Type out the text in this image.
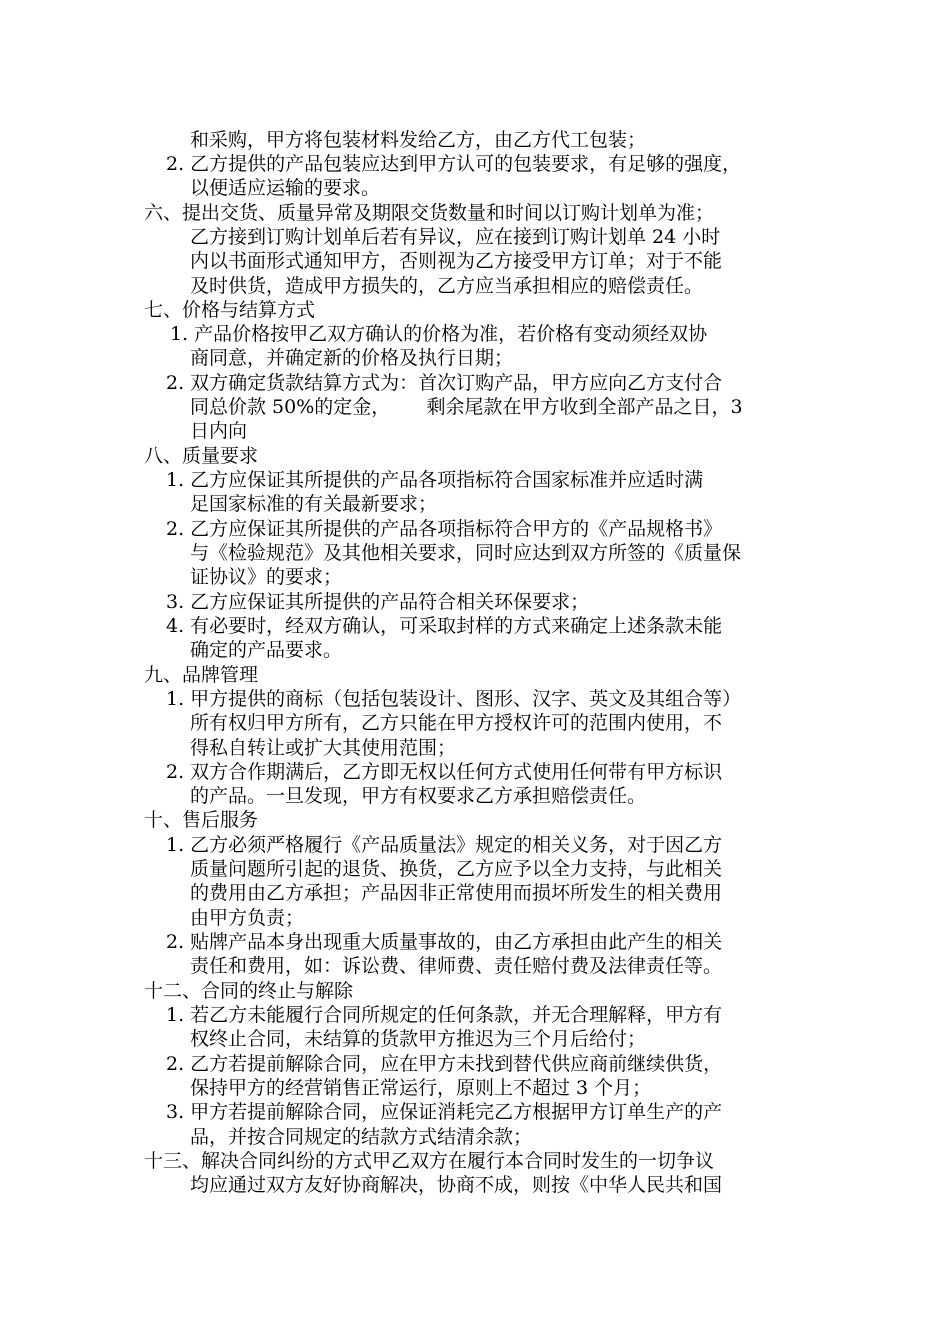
和采购，甲方将包装材料发给乙方，由乙方代工包装；
2. 乙方提供的产品包装应达到甲方认可的包装要求，有足够的强度，
以便适应运输的要求。
六、提出交货、质量异常及期限交货数量和时间以订购计划单为准；
乙方接到订购计划单后若有异议，应在接到订购计划单 24 小时
内以书面形式通知甲方，否则视为乙方接受甲方订单；对于不能
及时供货，造成甲方损失的，乙方应当承担相应的赔偿责任。
七、价格与结算方式
1. 产品价格按甲乙双方确认的价格为准，若价格有变动须经双协
商同意，并确定新的价格及执行日期；
2. 双方确定货款结算方式为：首次订购产品，甲方应向乙方支付合
同总价款 50%的定金，      剩余尾款在甲方收到全部产品之日，3
日内向
八、质量要求
1. 乙方应保证其所提供的产品各项指标符合国家标准并应适时满
足国家标准的有关最新要求；
2. 乙方应保证其所提供的产品各项指标符合甲方的《产品规格书》
与《检验规范》及其他相关要求，同时应达到双方所签的《质量保
证协议》的要求；
3. 乙方应保证其所提供的产品符合相关环保要求；
4. 有必要时，经双方确认，可采取封样的方式来确定上述条款未能
确定的产品要求。
九、品牌管理
1. 甲方提供的商标（包括包装设计、图形、汉字、英文及其组合等）
所有权归甲方所有，乙方只能在甲方授权许可的范围内使用，不
得私自转让或扩大其使用范围；
2. 双方合作期满后，乙方即无权以任何方式使用任何带有甲方标识
的产品。一旦发现，甲方有权要求乙方承担赔偿责任。
十、售后服务
1. 乙方必须严格履行《产品质量法》规定的相关义务，对于因乙方
质量问题所引起的退货、换货，乙方应予以全力支持，与此相关
的费用由乙方承担；产品因非正常使用而损坏所发生的相关费用
由甲方负责；
2. 贴牌产品本身出现重大质量事故的，由乙方承担由此产生的相关
责任和费用，如：诉讼费、律师费、责任赔付费及法律责任等。
十二、合同的终止与解除
1. 若乙方未能履行合同所规定的任何条款，并无合理解释，甲方有
权终止合同，未结算的货款甲方推迟为三个月后给付；
2. 乙方若提前解除合同，应在甲方未找到替代供应商前继续供货，
保持甲方的经营销售正常运行，原则上不超过 3 个月；
3. 甲方若提前解除合同，应保证消耗完乙方根据甲方订单生产的产
品，并按合同规定的结款方式结清余款；
十三、解决合同纠纷的方式甲乙双方在履行本合同时发生的一切争议
均应通过双方友好协商解决，协商不成，则按《中华人民共和国
